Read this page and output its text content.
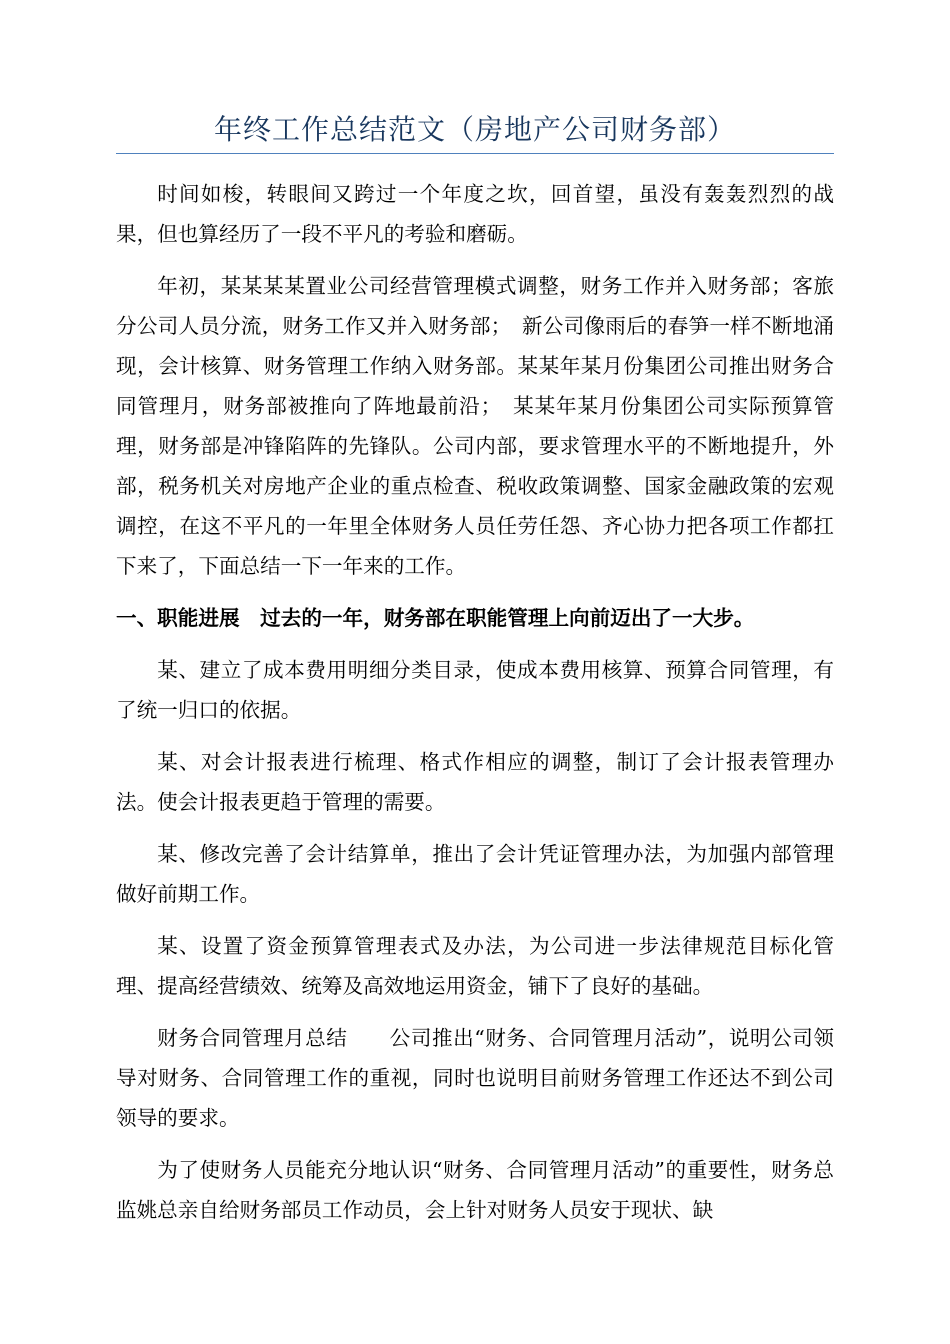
年终工作总结范文（房地产公司财务部）

时间如梭，转眼间又跨过一个年度之坎，回首望，虽没有轰轰烈烈的战果，但也算经历了一段不平凡的考验和磨砺。

年初，某某某某置业公司经营管理模式调整，财务工作并入财务部；客旅分公司人员分流，财务工作又并入财务部；　新公司像雨后的春笋一样不断地涌现，会计核算、财务管理工作纳入财务部。某某年某月份集团公司推出财务合同管理月，财务部被推向了阵地最前沿；　某某年某月份集团公司实际预算管理，财务部是冲锋陷阵的先锋队。公司内部，要求管理水平的不断地提升，外部，税务机关对房地产企业的重点检查、税收政策调整、国家金融政策的宏观调控，在这不平凡的一年里全体财务人员任劳任怨、齐心协力把各项工作都扛下来了，下面总结一下一年来的工作。

一、职能进展　过去的一年，财务部在职能管理上向前迈出了一大步。

某、建立了成本费用明细分类目录，使成本费用核算、预算合同管理，有了统一归口的依据。

某、对会计报表进行梳理、格式作相应的调整，制订了会计报表管理办法。使会计报表更趋于管理的需要。

某、修改完善了会计结算单，推出了会计凭证管理办法，为加强内部管理做好前期工作。

某、设置了资金预算管理表式及办法，为公司进一步法律规范目标化管理、提高经营绩效、统筹及高效地运用资金，铺下了良好的基础。

财务合同管理月总结　　公司推出“财务、合同管理月活动”，说明公司领导对财务、合同管理工作的重视，同时也说明目前财务管理工作还达不到公司领导的要求。

为了使财务人员能充分地认识“财务、合同管理月活动”的重要性，财务总监姚总亲自给财务部员工作动员，会上针对财务人员安于现状、缺
